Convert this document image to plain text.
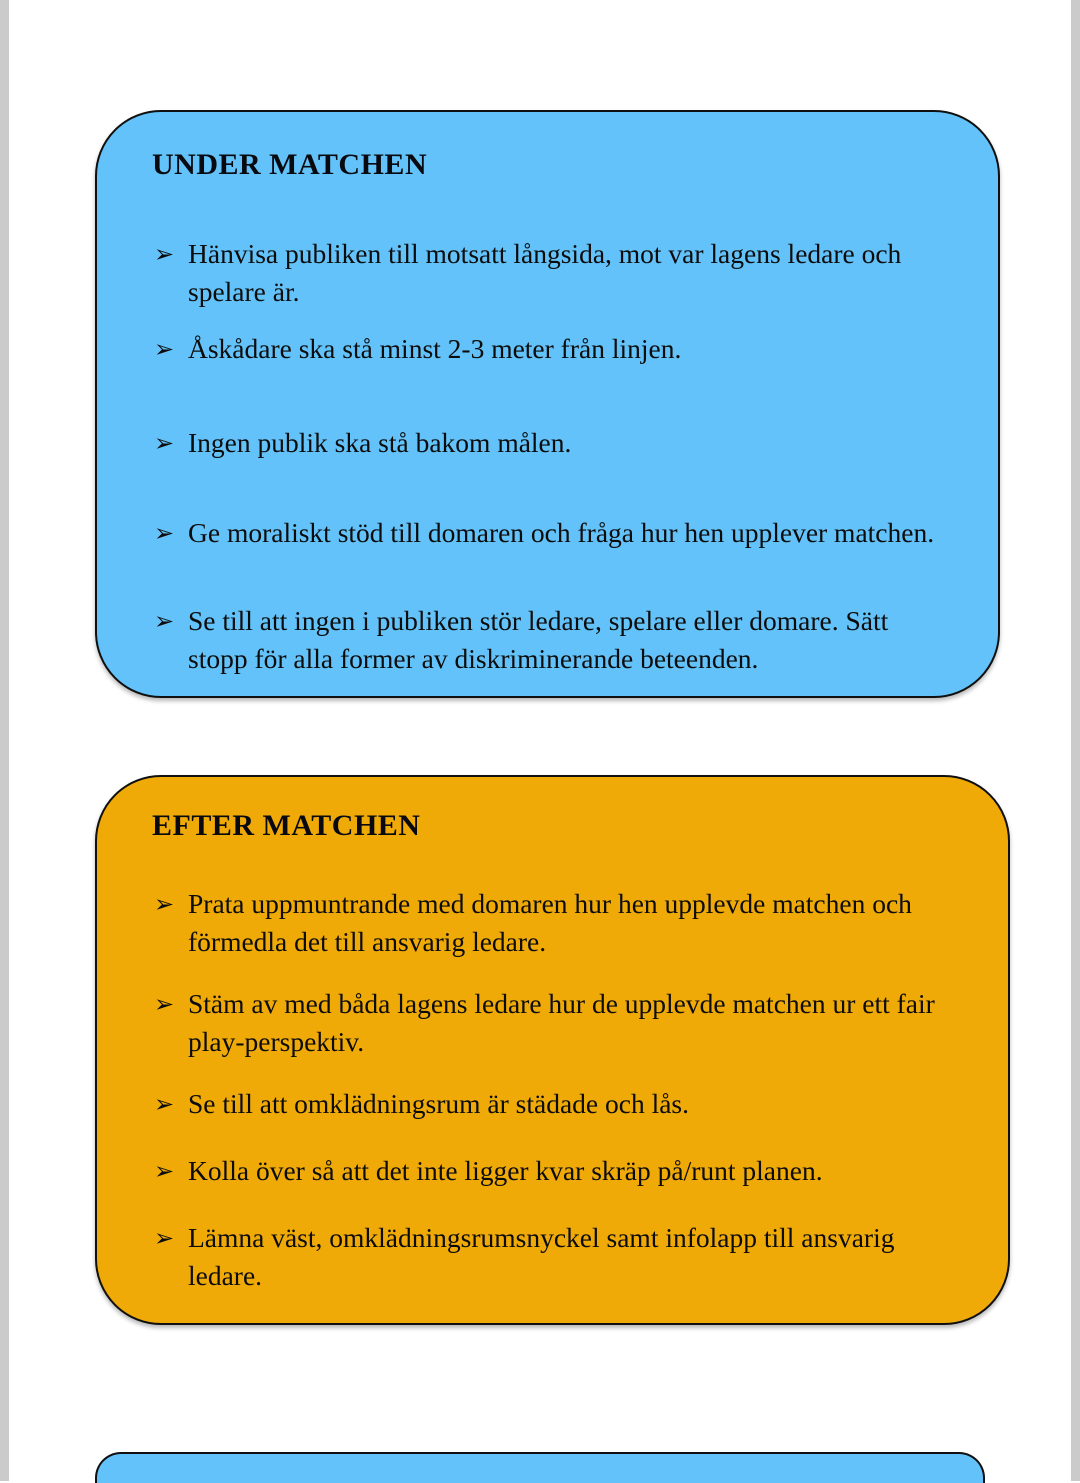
UNDER MATCHEN
➢ Hänvisa publiken till motsatt långsida, mot var lagens ledare och
spelare är.
➢ Åskådare ska stå minst 2-3 meter från linjen.
➢ Ingen publik ska stå bakom målen.
➢ Ge moraliskt stöd till domaren och fråga hur hen upplever matchen.
➢ Se till att ingen i publiken stör ledare, spelare eller domare. Sätt
stopp för alla former av diskriminerande beteenden.
EFTER MATCHEN
➢ Prata uppmuntrande med domaren hur hen upplevde matchen och
förmedla det till ansvarig ledare.
➢ Stäm av med båda lagens ledare hur de upplevde matchen ur ett fair
play-perspektiv.
➢ Se till att omklädningsrum är städade och lås.
➢ Kolla över så att det inte ligger kvar skräp på/runt planen.
➢ Lämna väst, omklädningsrumsnyckel samt infolapp till ansvarig
ledare.
